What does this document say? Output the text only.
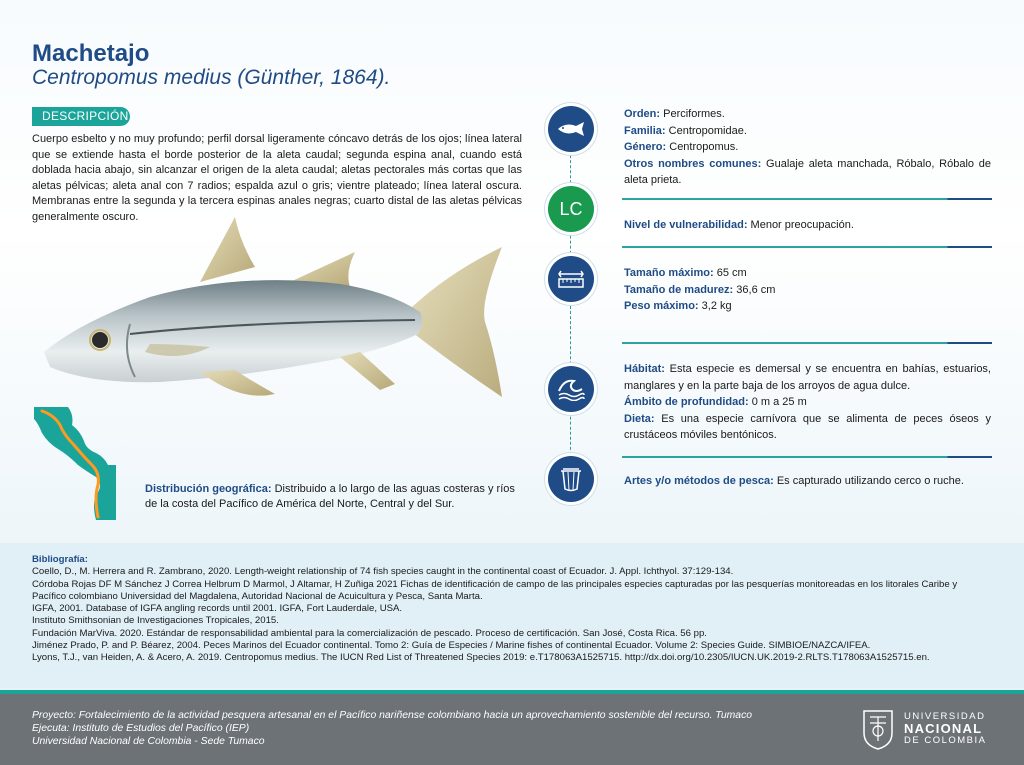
Machetajo
Centropomus medius (Günther, 1864).
DESCRIPCIÓN
Cuerpo esbelto y no muy profundo; perfil dorsal ligeramente cóncavo detrás de los ojos; línea lateral que se extiende hasta el borde posterior de la aleta caudal; segunda espina anal, cuando está doblada hacia abajo, sin alcanzar el origen de la aleta caudal; aletas pectorales más cortas que las aletas pélvicas; aleta anal con 7 radios; espalda azul o gris; vientre plateado; línea lateral oscura. Membranas entre la segunda y la tercera espinas anales negras; cuarto distal de las aletas pélvicas generalmente oscuro.
Distribución geográfica: Distribuido a lo largo de las aguas costeras y ríos de la costa del Pacífico de América del Norte, Central y del Sur.
LC
Orden: Perciformes.
Familia: Centropomidae.
Género: Centropomus.
Otros nombres comunes: Gualaje aleta manchada, Róbalo, Róbalo de aleta prieta.
Nivel de vulnerabilidad: Menor preocupación.
Tamaño máximo: 65 cm
Tamaño de madurez: 36,6 cm
Peso máximo: 3,2 kg
Hábitat: Esta especie es demersal y se encuentra en bahías, estuarios, manglares y en la parte baja de los arroyos de agua dulce.
Ámbito de profundidad: 0 m a 25 m
Dieta: Es una especie carnívora que se alimenta de peces óseos y crustáceos móviles bentónicos.
Artes y/o métodos de pesca: Es capturado utilizando cerco o ruche.
Bibliografía:
Coello, D., M. Herrera and R. Zambrano, 2020. Length-weight relationship of 74 fish species caught in the continental coast of Ecuador. J. Appl. Ichthyol. 37:129-134.
Córdoba Rojas DF M Sánchez J Correa Helbrum D Marmol, J Altamar, H Zuñiga 2021 Fichas de identificación de campo de las principales especies capturadas por las pesquerías monitoreadas en los litorales Caribe y Pacífico colombiano Universidad del Magdalena, Autoridad Nacional de Acuicultura y Pesca, Santa Marta.
IGFA, 2001. Database of IGFA angling records until 2001. IGFA, Fort Lauderdale, USA.
Instituto Smithsonian de Investigaciones Tropicales, 2015.
Fundación MarViva. 2020. Estándar de responsabilidad ambiental para la comercialización de pescado. Proceso de certificación. San José, Costa Rica. 56 pp.
Jiménez Prado, P. and P. Béarez, 2004. Peces Marinos del Ecuador continental. Tomo 2: Guía de Especies / Marine fishes of continental Ecuador. Volume 2: Species Guide. SIMBIOE/NAZCA/IFEA.
Lyons, T.J., van Heiden, A. & Acero, A. 2019. Centropomus medius. The IUCN Red List of Threatened Species 2019: e.T178063A1525715. http://dx.doi.org/10.2305/IUCN.UK.2019-2.RLTS.T178063A1525715.en.
Proyecto: Fortalecimiento de la actividad pesquera artesanal en el Pacífico nariñense colombiano hacia un aprovechamiento sostenible del recurso. Tumaco
Ejecuta: Instituto de Estudios del Pacífico (IEP)
Universidad Nacional de Colombia - Sede Tumaco
UNIVERSIDAD
NACIONAL
DE COLOMBIA
